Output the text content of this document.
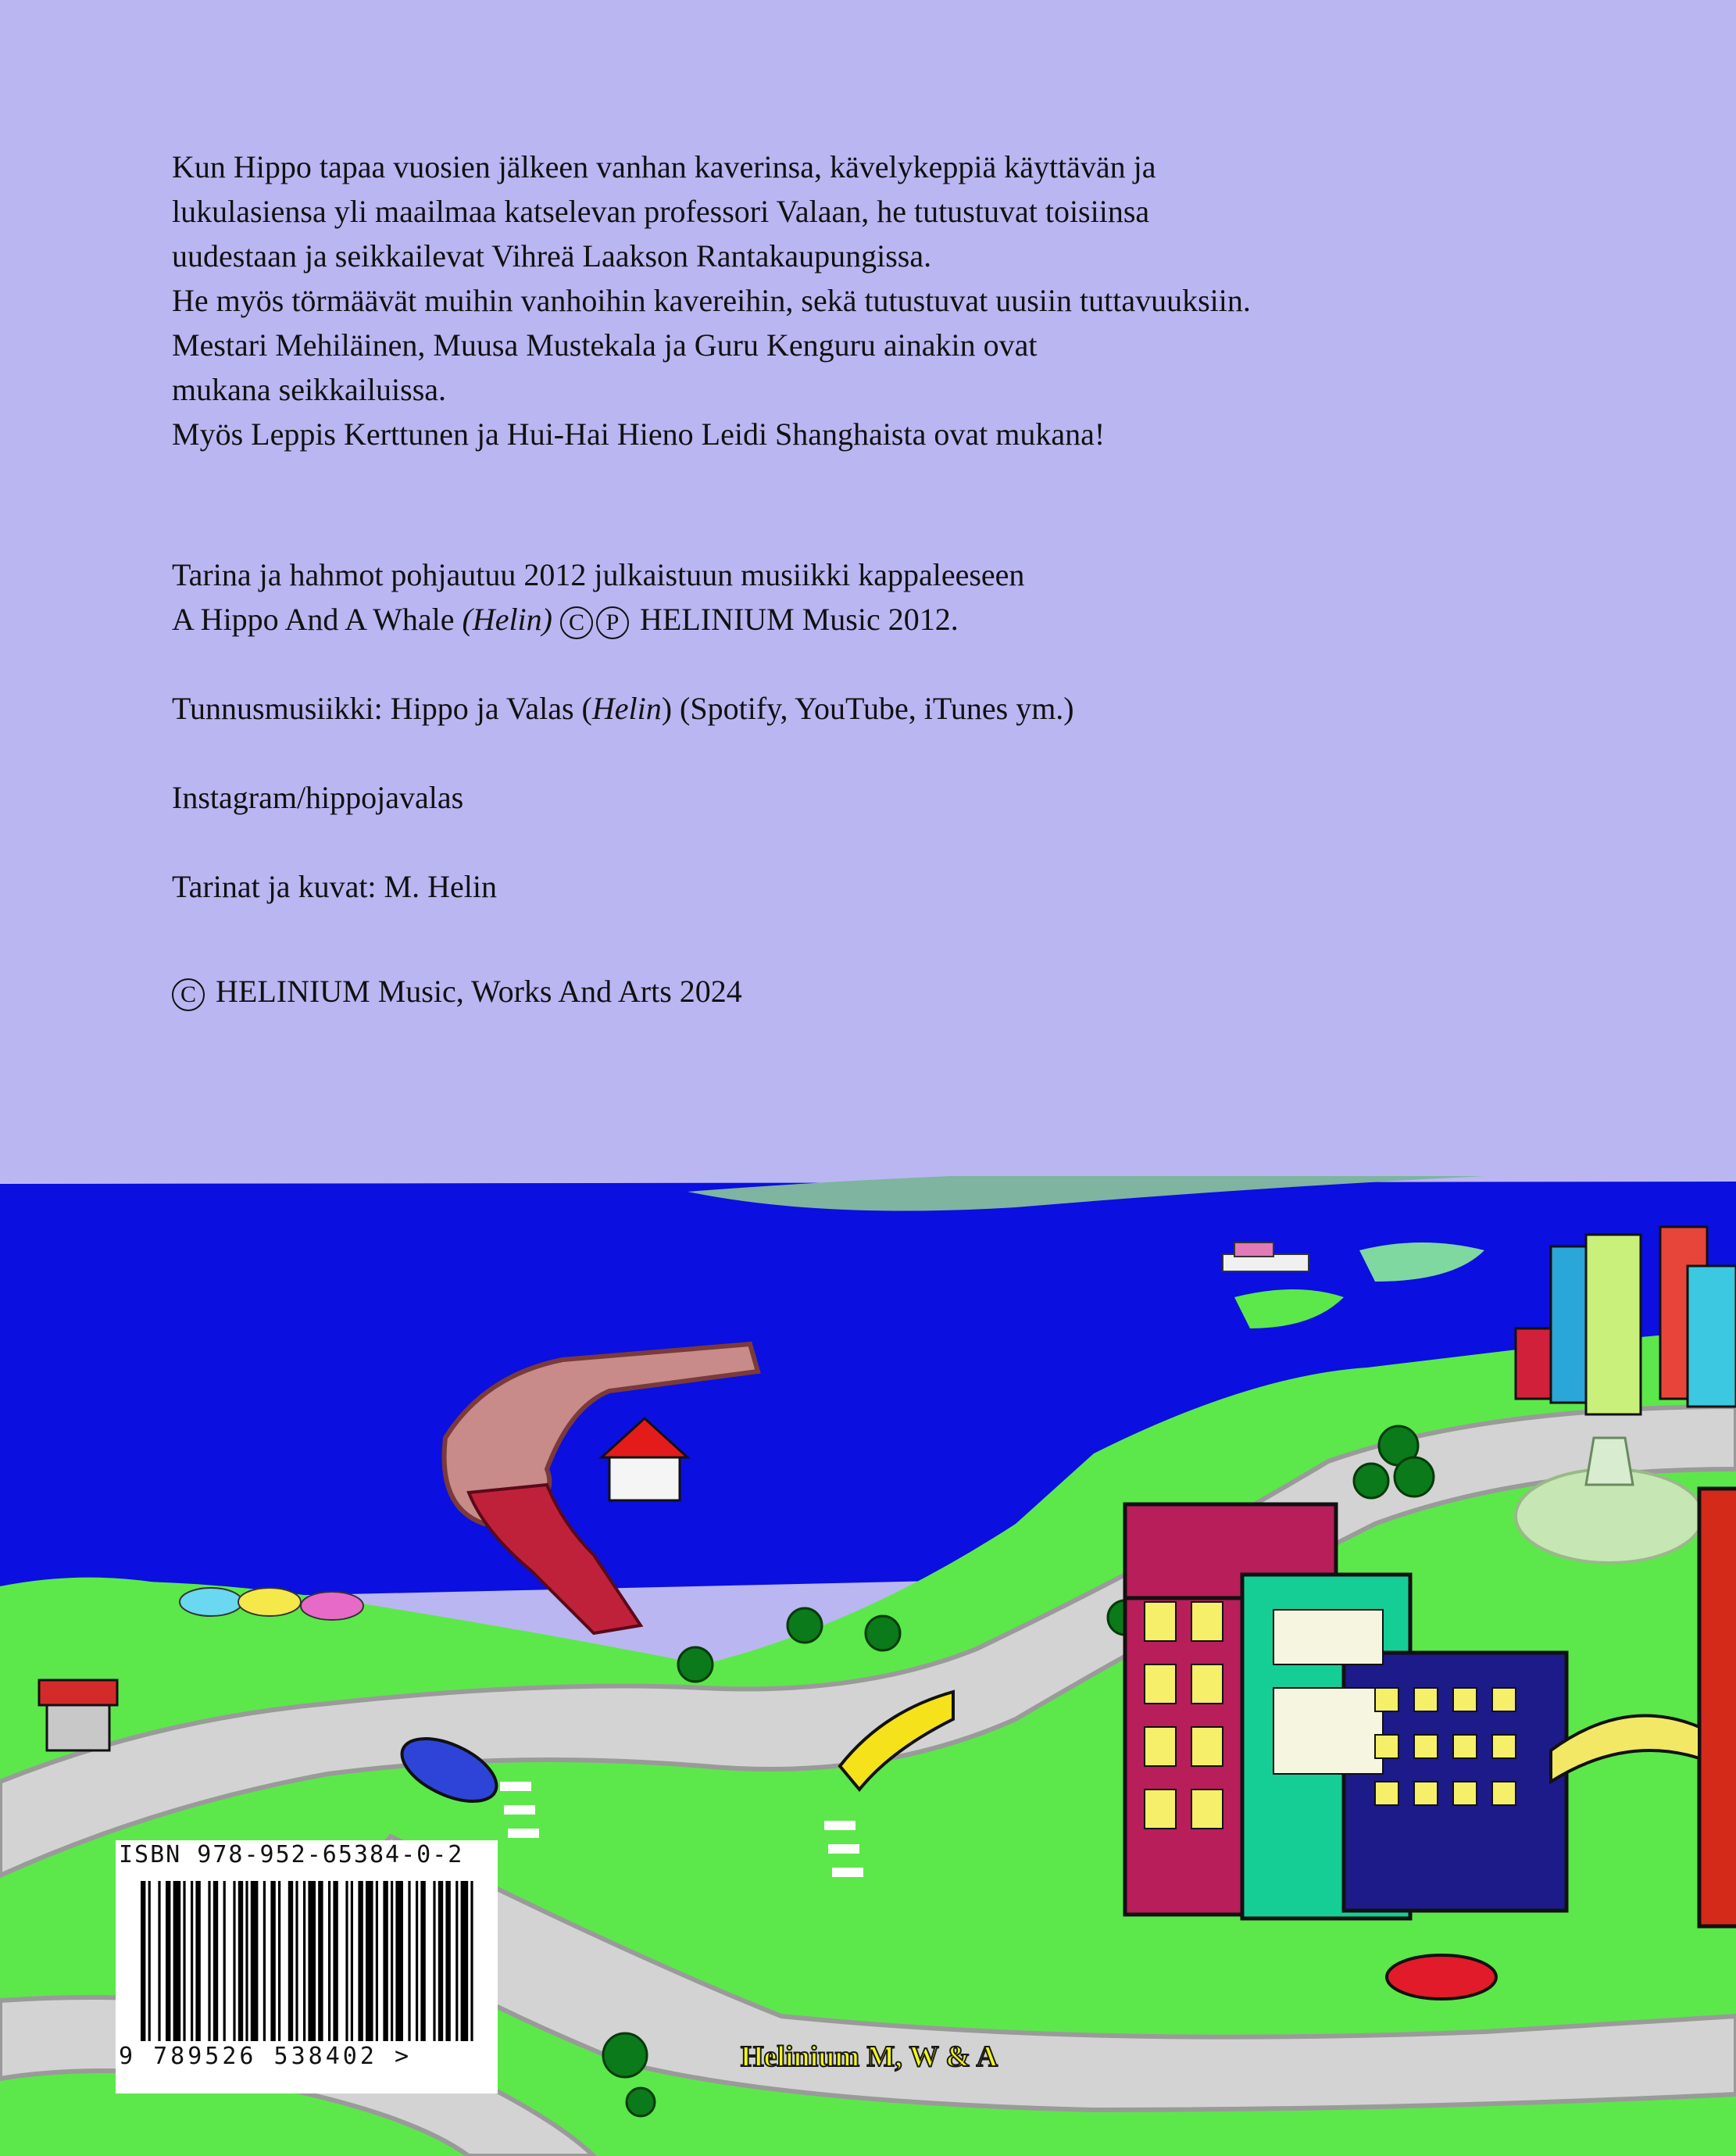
Kun Hippo tapaa vuosien jälkeen vanhan kaverinsa, kävelykeppiä käyttävän ja
lukulasiensa yli maailmaa katselevan professori Valaan, he tutustuvat toisiinsa
uudestaan ja seikkailevat Vihreä Laakson Rantakaupungissa.
He myös törmäävät muihin vanhoihin kavereihin, sekä tutustuvat uusiin tuttavuuksiin.
Mestari Mehiläinen, Muusa Mustekala ja Guru Kenguru ainakin ovat
mukana seikkailuissa.
Myös Leppis Kerttunen ja Hui-Hai Hieno Leidi Shanghaista ovat mukana!
Tarina ja hahmot pohjautuu 2012 julkaistuun musiikki kappaleeseen
A Hippo And A Whale (Helin) C P HELINIUM Music 2012.
Tunnusmusiikki: Hippo ja Valas (Helin) (Spotify, YouTube, iTunes ym.)
Instagram/hippojavalas
Tarinat ja kuvat: M. Helin
C HELINIUM Music, Works And Arts 2024
ISBN 978-952-65384-0-2
9 789526 538402 >	Helinium M, W & A
